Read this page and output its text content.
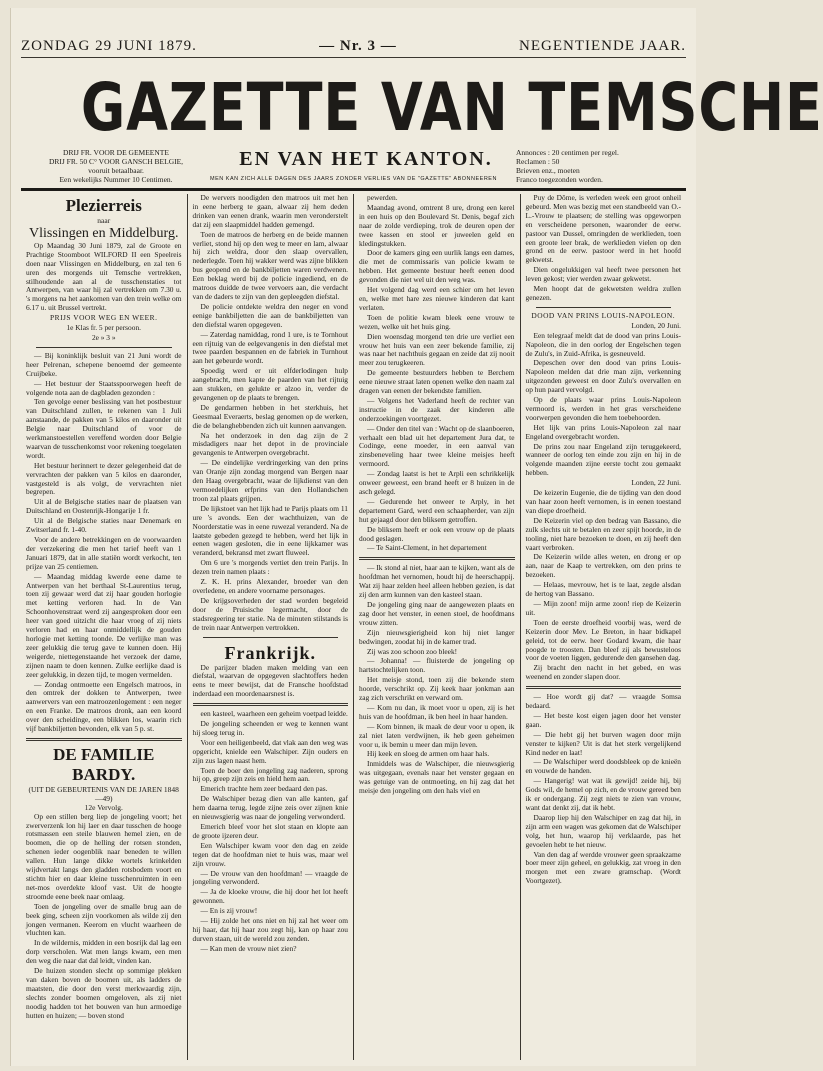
ZONDAG 29 JUNI 1879.	— Nr. 3 —	NEGENTIENDE JAAR.
GAZETTE VAN TEMSCHE
DRIJ FR. VOOR DE GEMEENTE
DRIJ FR. 50 C° VOOR GANSCH BELGIE,
vooruit betaalbaar.
Een wekelijks Nummer 10 Centimen.
EN VAN HET KANTON.	Annonces : 20 centimen per regel.
Reclamen : 50
Brieven enz., moeten
Franco toegezonden worden.
MEN KAN ZICH ALLE DAGEN DES JAARS ZONDER VERLIES VAN DE "GAZETTE" ABONNEEREN
Plezierreis
naar
Vlissingen en Middelburg.

Op Maandag 30 Juni 1879, zal de Groote en Prachtige Stoomboot WILFORD II een Speelreis doen naar Vlissingen en Middelburg, en zal ten 6 uren des morgends uit Temsche vertrekken, stilhoudende aan al de tusschenstaties tot Antwerpen, van waar hij zal vertrekken om 7.30 u. 's morgens na het aankomen van den trein welke om 6.17 u. uit Brussel vertrekt.

PRIJS VOOR WEG EN WEER.

1e Klas fr. 5 per persoon.

2e » 3 »

— Bij koninklijk besluit van 21 Juni wordt de heer Pelrenan, schepene benoemd der gemeente Cruijbeke.

— Het bestuur der Staatsspoorwegen heeft de volgende nota aan de dagbladen gezonden :

Ten gevolge eener beslissing van het postbestuur van Duitschland zullen, te rekenen van 1 Juli aanstaande, de pakken van 5 kilos en daaronder uit Belgie naar Duitschland of voor de werkmanstoestellen vereffend worden door Belgie waarvan de tusschenkomst voor rekening toegelaten wordt.

Het bestuur herinnert te dezer gelegenheid dat de vervrachten der pakken van 5 kilos en daaronder, vastgesteld is als volgt, de vervrachten niet begrepen.

Uit al de Belgische staties naar de plaatsen van Duitschland en Oostenrijk-Hongarije 1 fr.

Uit al de Belgische staties naar Denemark en Zwitserland fr. 1-40.

Voor de andere betrekkingen en de voorwaarden der verzekering die men het tarief heeft van 1 Januari 1879, dat in alle statiën wordt verkocht, ten prijze van 25 centiemen.

— Maandag middag kwerde eene dame te Antwerpen van het berthaal St-Laurentius terug, toen zij gewaar werd dat zij haar gouden horlogie met ketting verloren had. In de Van Schoonhovenstraat werd zij aangesproken door een heer van goed uitzicht die haar vroeg of zij niets verloren had en haar onmiddellijk de gouden horlogie met ketting toonde. De verlijke man was zeer gelukkig die terug gave te kunnen doen. Hij weigerde, niettegenstaande het verzoek der dame, zijnen naam te doen kennen. Zulke eerlijke daad is zeer gelukkig, in dezen tijd, te mogen vermelden.

— Zondag ontmoette een Engelsch matroos, in den omtrek der dokken te Antwerpen, twee aanwervers van een matroozenlogement : een neger en een Franke. De matroos dronk, aan een koord over den scheidinge, een blikken los, waarin rich vijf bankbiljetten bevonden, elk van 5 p. st.

DE FAMILIE BARDY.
(UIT DE GEBEURTENIS VAN DE JAREN 1848—49)
12e Vervolg.

Op een stillen berg liep de jongeling voort; het zwerverzenk lon hij laer en daar tusschen de hooge rotsmassen een steile blauwen hemel zien, en de boomen, die op de helling der rotsen stonden, schenen ieder oogenblik naar beneden te willen vallen. Hun lange dikke wortels krinkelden wijdvertakt langs den gladden rotsbodem voort en stichtn hier en daar kleine tusschenruimten in een net-mos overdekte kloof vast. Uit de hoogte stroomde eene beek naar omlaag.

Toen de jongeling over de smalle brug aan de beek ging, scheen zijn voorkomen als wilde zij den jongen vermanen. Keerom en vlucht waarheen de vluchten kan.

In de wildernis, midden in een bosrijk dal lag een dorp verscholen. Wat men langs kwam, een men den weg die naar dat dal leidt, vinden kan.

De huizen stonden slecht op sommige plekken van daken boven de boomen uit, als ladders de maatsten, die door den verst merkwaardig zijn, slechts zonder boomen omgeloven, als zij niet noodig hadden tot het bouwen van hun armoedige hutten en huizen; — boven stond

De wervers noodigden den matroos uit met hen in eene herberg te gaan, alwaar zij hem deden drinken van eenen drank, waarin men veronderstelt dat zij een slaapmiddel hadden gemengd.

Toen de matroos de herberg en de beide mannen verliet, stond hij op den weg te meer en lam, alwaar hij zich weldra, door den slaap overvallen, nederlegde. Toen hij wakker werd was zijne blikken bus geopend en de bankbiljetten waren verdwenen. Een beklag werd bij de policie ingediend, en de matroos duidde de twee vervoers aan, die verdacht van de daders te zijn van den gepleegden diefstal.

De policie ontdekte weldra den neger en vond eenige bankbiljetten die aan de bankbiljetten van den diefstal waren opgegeven.

— Zaterdag namiddag, rond 1 ure, is te Tornhout een rijtuig van de eelgevangenis in den diefstal met twee paarden bespannen en de fabriek in Turnhout aan het gebeurde wordt.

Spoedig werd er uit elfderlodingen hulp aangebracht, men kapte de paarden van het rijtuig aan stukken, en gelukte er alzoo in, verder de gevangenen op de plaats te brengen.

De gendarmen hebben in het sterkhuis, het Geesmaal Everaerts, beslag genomen op de werken, die de belanghebbenden zich uit kunnen aanvangen.

Na het onderzoek in den dag zijn de 2 misdadigers naar het depot in de provinciale gevangenis te Antwerpen overgebracht.

— De eindelijke verdringerking van den prins van Oranje zijn zondag morgend van Bergen naar den Haag overgebracht, waar de lijkdienst van den vermoedelijken erfprins van den Hollandschen troon zal plaats grijpen.

De lijkstoet van het lijk had te Parijs plaats om 11 ure 's avonds. Een der wachthuizen, van de Noorderstatie was in eene ruwezal veranderd. Na de laatste gebeden gezegd te hebben, werd het lijk in eenen wagen gesloten, die in eene lijkkamer was veranderd, bekransd met zwart fluweel.

Om 6 ure 's morgends vertiet den trein Parijs. In dezen trein namen plaats :

Z. K. H. prins Alexander, broeder van den overledene, en andere voorname personages.

De krijgsoverheden der stad worden begeleid door de Pruisische legermacht, door de stadsregeering ter statie. Na de minuten stilstands is de trein naar Antwerpen vertrokken.

Frankrijk.

De parijzer bladen maken melding van een diefstal, waarvan de opgegeven slachtoffers heden eens te meer bewijst, dat de Fransche hoofdstad inderdaad een moordenaarsnest is.

een kasteel, waarheen een geheim voetpad leidde.

De jongeling scheenden er weg te kennen want hij sloeg terug in.

Voor een heiligenbeeld, dat vlak aan den weg was opgericht, knielde een Walschiper. Zijn ouders en zijn zus lagen naast hem.

Toen de boer den jongeling zag naderen, sprong hij op, greep zijn zeis en hield hem aan.

Emerich trachte hem zeer bedaard den pas.

De Walschiper bezag dien van alle kanten, gaf hem daarna terug, legde zijne zeis over zijnen knie en nieuwsgierig was naar de jongeling verwonderd.

Emerich bleef voor het slot staan en klopte aan de groote ijzeren deur.

Een Walschiper kwam voor den dag en zeide tegen dat de hoofdman niet te huis was, maar wel zijn vrouw.

— De vrouw van den hoofdman! — vraagde de jongeling verwonderd.

— Ja de kloeke vrouw, die hij door het lot heeft gewonnen.

— En is zij vrouw!

— Hij zolde het ons niet en hij zal het weer om hij haar, dat hij haar zou zegt hij, kan op haar zou durven staan, uit de wereld zou zenden.

— Kan men de vrouw niet zien?

pewerden.

Maandag avond, omtrent 8 ure, drong een kerel in een huis op den Boulevard St. Denis, begaf zich naar de zolde verdieping, trok de deuren open der twee kassen en stool er juweelen geld en kledingstukken.

Door de kamers ging een uurlik langs een dames, die met de commissaris van policie kwam te hebben. Het gemeente bestuur heeft eenen dood gevonden die niet wel uit den weg was.

Het volgend dag werd een schier om het leven en, welke met hare zes nieuwe kinderen dat kant verlaten.

Toen de politie kwam bleek eene vrouw te wezen, welke uit het huis ging.

Dien woensdag morgend ten drie ure verliet een vrouw het huis van een zeer bekende familie, zij was naar het nachthuis gegaan en zeide dat zij nooit meer zou terugkeeren.

De gemeente bestuurders hebben te Berchem eene nieuwe straat laten openen welke den naam zal dragen van eenen der bekendste familien.

— Volgens het Vaderland heeft de rechter van instructie in de zaak der kinderen alle onderzoekingen voortgezet.

— Onder den titel van : Wacht op de slaanboeren, verhaalt een blad uit het departement Jura dat, te Codinge, eene moeder, in een aanval van zinsbeneveling haar twee kleine meisjes heeft vermoord.

— Zondag laatst is het te Arpli een schrikkelijk onweer geweest, een brand heeft er 8 huizen in de asch gelegd.

— Gedurende het onweer te Arply, in het departement Gard, werd een schaapherder, van zijn hut gejaagd door den bliksem getroffen.

De bliksem heeft er ook een vrouw op de plaats dood geslagen.

— Te Saint-Clement, in het departement

— Ik stond al niet, haar aan te kijken, want als de hoofdman het vernomen, houdt hij de heerschappij. Wat zij haar zelden heel alleen hebben gezien, is dat zij den arm kunnen van den kasteel staan.

De jongeling ging naar de aangewezen plaats en zag door het venster, in eenen stoel, de hoofdmans vrouw zitten.

Zijn nieuwsgierigheid kon hij niet langer bedwingen, zoodat hij in de kamer trad.

Zij was zoo schoon zoo bleek!

— Johanna! — fluisterde de jongeling op hartstochtelijken toon.

Het meisje stond, toen zij die bekende stem hoorde, verschrikt op. Zij keek haar jonkman aan zag zich verschrikt en verward om.

— Kom nu dan, ik moet voor u open, zij is het huis van de hoofdman, ik ben heel in haar handen.

— Kom binnen, ik maak de deur voor u open, ik zal niet laten verdwijnen, ik heb geen geheimen voor u, ik bemin u meer dan mijn leven.

Hij keek en sloeg de armen om haar hals.

Inmiddels was de Walschiper, die nieuwsgierig was uitgegaan, evenals naar het venster gegaan en was getuige van de ontmoeting, en hij zag dat het meisje den jongeling om den hals viel en

Puy de Dôme, is verleden week een groot onheil gebeurd. Men was bezig met een standbeeld van O.-L.-Vrouw te plaatsen; de stelling was opgeworpen en verscheidene personen, waaronder de eerw. pastoor van Dussel, omringden de werklieden, toen een groote leer brak, de werklieden vielen op den grond en de eerw. pastoor werd in het hoofd gekwetst.

Dien ongelukkigen val heeft twee personen het leven gekost; vier werden zwaar gekwetst.

Men hoopt dat de gekwetsten weldra zullen genezen.

DOOD VAN PRINS LOUIS-NAPOLEON.

Londen, 20 Juni.

Een telegraaf meldt dat de dood van prins Louis-Napoleon, die in den oorlog der Engelschen tegen de Zulu's, in Zuid-Afrika, is gesneuveld.

Depeschen over den dood van prins Louis-Napoleon melden dat drie man zijn, verkenning uitgezonden geweest en door Zulu's overvallen en op hun paard vervolgd.

Op de plaats waar prins Louis-Napoleon vermoord is, werden in het gras verscheidene voorwerpen gevonden die hem toebehoorden.

Het lijk van prins Louis-Napoleon zal naar Engeland overgebracht worden.

De prins zou naar Engeland zijn teruggekeerd, wanneer de oorlog ten einde zou zijn en hij in de volgende maanden zijne eerste tocht zou gemaakt hebben.

Londen, 22 Juni.

De keizerin Eugenie, die de tijding van den dood van haar zoon heeft vernomen, is in eenen toestand van diepe droefheid.

De Keizerin viel op den bedrag van Bassano, die zulk slechts uit te betalen en zeer spijt hoorde, in de tooling, niet hare bezoeken te doen, en zij heeft den vaart verbroken.

De Keizerin wilde alles weten, en drong er op aan, naar de Kaap te vertrekken, om den prins te bezoeken.

— Helaas, mevrouw, het is te laat, zegde alsdan de hertog van Bassano.

— Mijn zoon! mijn arme zoon! riep de Keizerin uit.

Toen de eerste droefheid voorbij was, werd de Keizerin door Mev. Le Breton, in haar bidkapel geleid, tot de eerw. heer Godard kwam, die haar poogde te troosten. Dan bleef zij als bewusteloos voor de voeten liggen, gedurende den gansehen dag.

Zij bracht den nacht in het gebed, en was weenend en zonder slapen door.

— Hoe wordt gij dat? — vraagde Somsa bedaard.

— Het beste kost eigen jagen door het venster gaan.

— Die hebt gij het burven wagen door mijn venster te kijken? Uit is dat het sterk vergelijkend Kind neder en laat!

— De Walschiper werd doodsbleek op de knieën en vouwde de handen.

— Hangerig! wat wat ik gewijd! zeide hij, bij Gods wil, de hemel op zich, en de vrouw gereed ben ik er ondergang. Zij zegt niets te zien van vrouw, want dat denkt zij, dat ik hebt.

Daarop liep hij den Walschiper en zag dat hij, in zijn arm een wagen was gekomen dat de Walschiper volg, het hun, waarop hij verklaarde, pas het gevoelen hebt te het nieuw.

Van den dag af werdde vrouwer geen spraakzame boer meer zijn geheel, en gelukkig, zat vroeg in den morgen met een zware gramschap. (Wordt Voortgezet).
